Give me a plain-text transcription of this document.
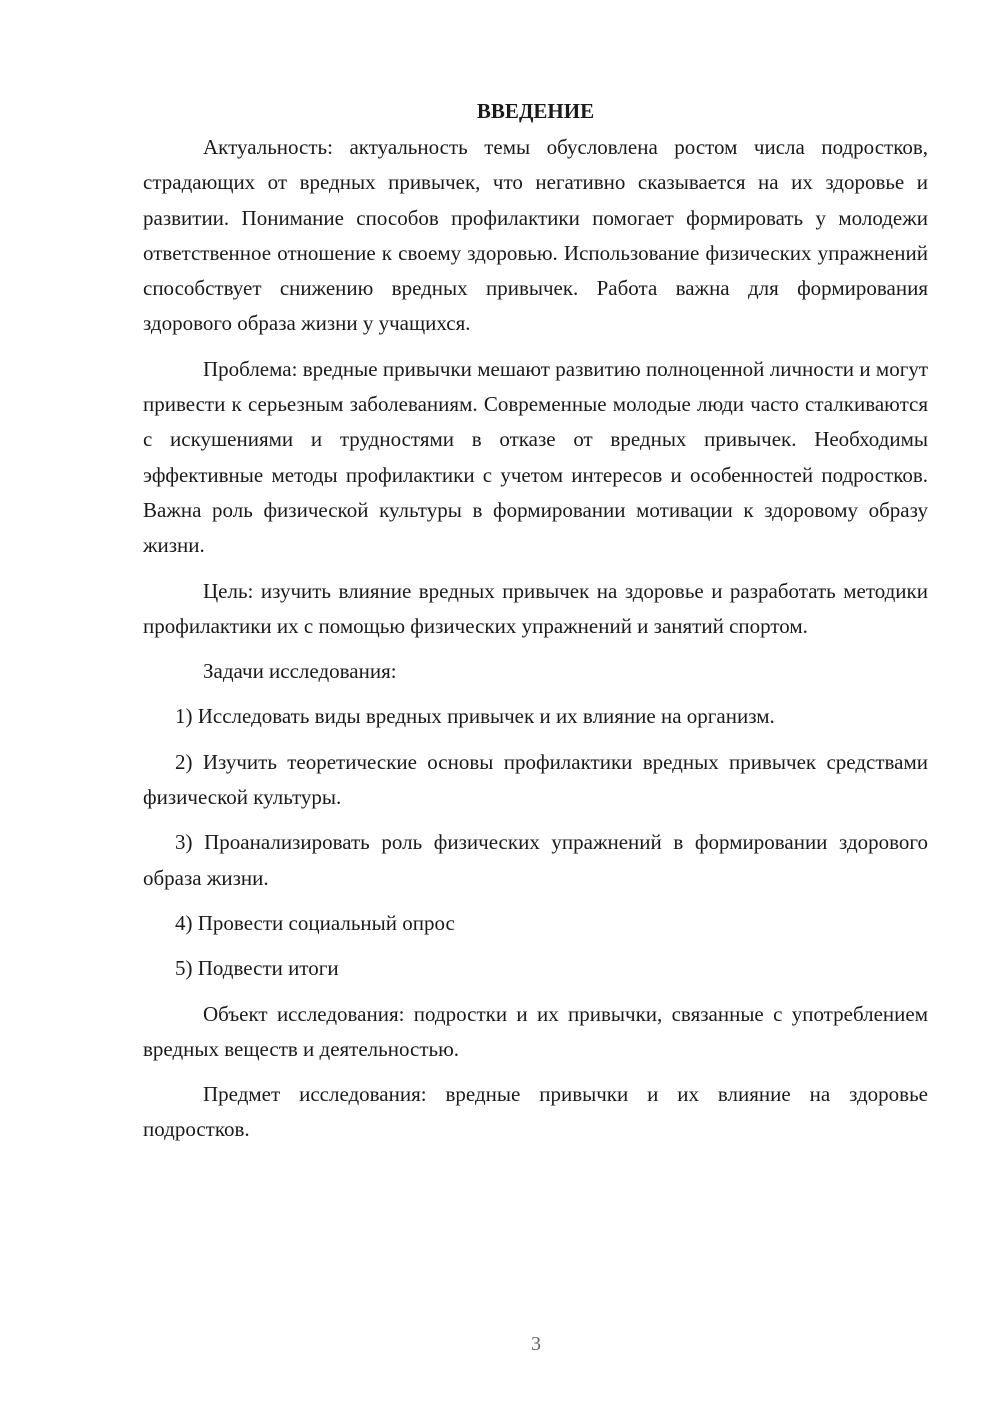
ВВЕДЕНИЕ

Актуальность: актуальность темы обусловлена ростом числа подростков, страдающих от вредных привычек, что негативно сказывается на их здоровье и развитии. Понимание способов профилактики помогает формировать у молодежи ответственное отношение к своему здоровью. Использование физических упражнений способствует снижению вредных привычек. Работа важна для формирования здорового образа жизни у учащихся.

Проблема: вредные привычки мешают развитию полноценной личности и могут привести к серьезным заболеваниям. Современные молодые люди часто сталкиваются с искушениями и трудностями в отказе от вредных привычек. Необходимы эффективные методы профилактики с учетом интересов и особенностей подростков. Важна роль физической культуры в формировании мотивации к здоровому образу жизни.

Цель: изучить влияние вредных привычек на здоровье и разработать методики профилактики их с помощью физических упражнений и занятий спортом.

Задачи исследования:

1) Исследовать виды вредных привычек и их влияние на организм.

2) Изучить теоретические основы профилактики вредных привычек средствами физической культуры.

3) Проанализировать роль физических упражнений в формировании здорового образа жизни.

4) Провести социальный опрос

5) Подвести итоги

Объект исследования: подростки и их привычки, связанные с употреблением вредных веществ и деятельностью.

Предмет исследования: вредные привычки и их влияние на здоровье подростков.

3
